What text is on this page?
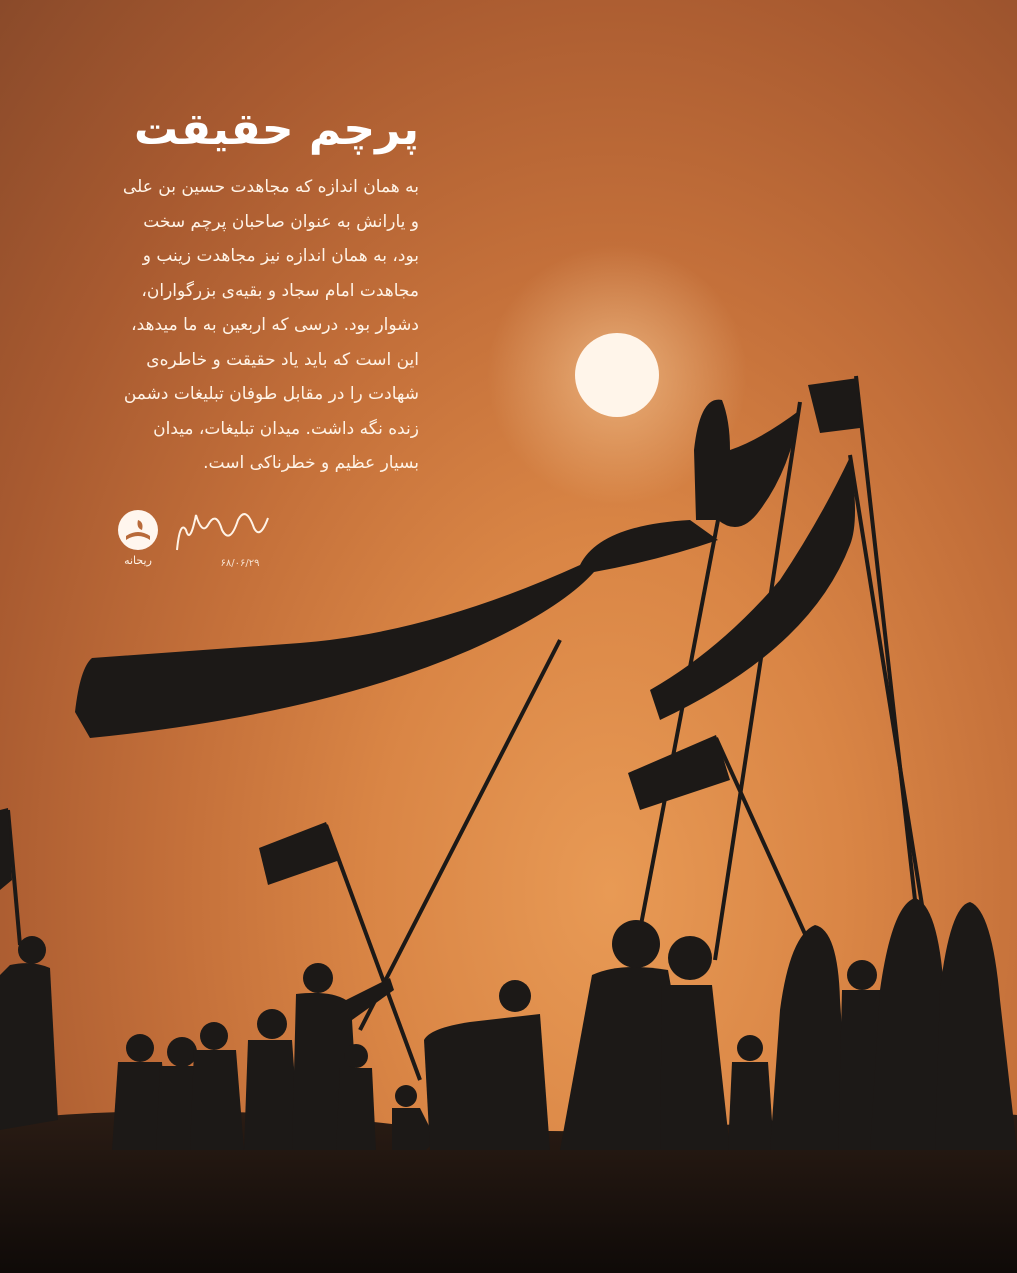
پرچم حقیقت

به همان اندازه که مجاهدت حسین بن علی و یارانش به عنوان صاحبان پرچم سخت بود، به همان اندازه نیز مجاهدت زینب و مجاهدت امام سجاد و بقیه‌ی بزرگواران، دشوار بود. درسی که اربعین به ما میدهد، این است که باید یاد حقیقت و خاطره‌ی شهادت را در مقابل طوفان تبلیغات دشمن زنده نگه داشت. میدان تبلیغات، میدان بسیار عظیم و خطرناکی است.

ریحانه	۶۸/۰۶/۲۹
